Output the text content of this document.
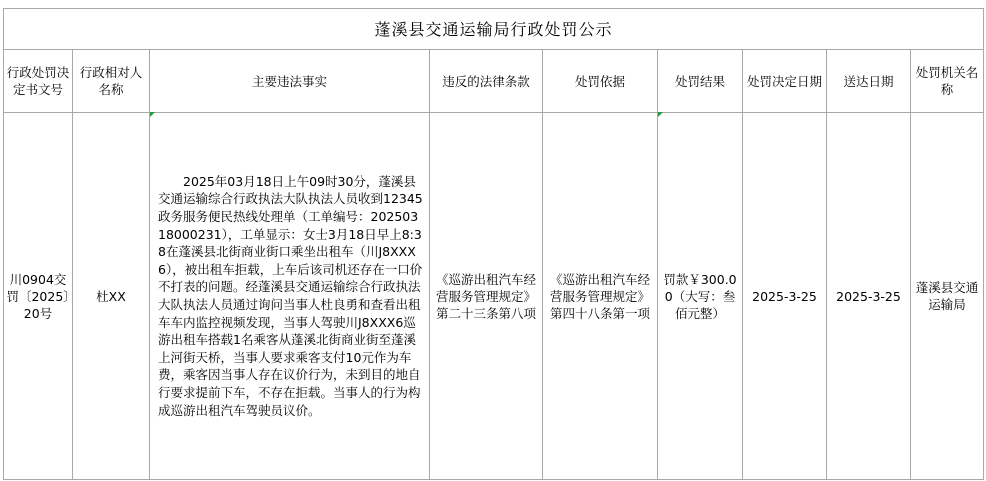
蓬溪县交通运输局行政处罚公示								
行政处罚决定书文号	行政相对人名称	主要违法事实	违反的法律条款	处罚依据	处罚结果	处罚决定日期	送达日期	处罚机关名称
川0904交罚〔2025〕20号	杜XX	2025年03月18日上午09时30分，蓬溪县交通运输综合行政执法大队执法人员收到12345政务服务便民热线处理单（工单编号：20250318000231），工单显示：女士3月18日早上8:38在蓬溪县北街商业街口乘坐出租车（川J8XXX6），被出租车拒载，上车后该司机还存在一口价不打表的问题。经蓬溪县交通运输综合行政执法大队执法人员通过询问当事人杜良勇和查看出租车车内监控视频发现，当事人驾驶川J8XXX6巡游出租车搭载1名乘客从蓬溪北街商业街至蓬溪上河街天桥，当事人要求乘客支付10元作为车费，乘客因当事人存在议价行为，未到目的地自行要求提前下车，不存在拒载。当事人的行为构成巡游出租汽车驾驶员议价。	《巡游出租汽车经营服务管理规定》第二十三条第八项	《巡游出租汽车经营服务管理规定》第四十八条第一项	罚款￥300.00（大写：叁佰元整）	2025-3-25	2025-3-25	蓬溪县交通运输局
